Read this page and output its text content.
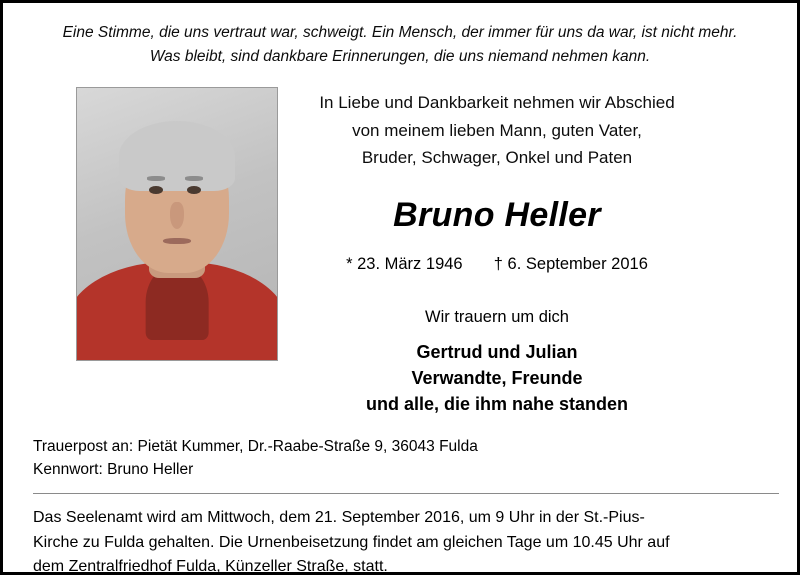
Eine Stimme, die uns vertraut war, schweigt. Ein Mensch, der immer für uns da war, ist nicht mehr.
Was bleibt, sind dankbare Erinnerungen, die uns niemand nehmen kann.
In Liebe und Dankbarkeit nehmen wir Abschied
von meinem lieben Mann, guten Vater,
Bruder, Schwager, Onkel und Paten
Bruno Heller
* 23. März 1946 † 6. September 2016
Wir trauern um dich
Gertrud und Julian
Verwandte, Freunde
und alle, die ihm nahe standen
Trauerpost an: Pietät Kummer, Dr.-Raabe-Straße 9, 36043 Fulda
Kennwort: Bruno Heller
Das Seelenamt wird am Mittwoch, dem 21. September 2016, um 9 Uhr in der St.-Pius-
Kirche zu Fulda gehalten. Die Urnenbeisetzung findet am gleichen Tage um 10.45 Uhr auf
dem Zentralfriedhof Fulda, Künzeller Straße, statt.
